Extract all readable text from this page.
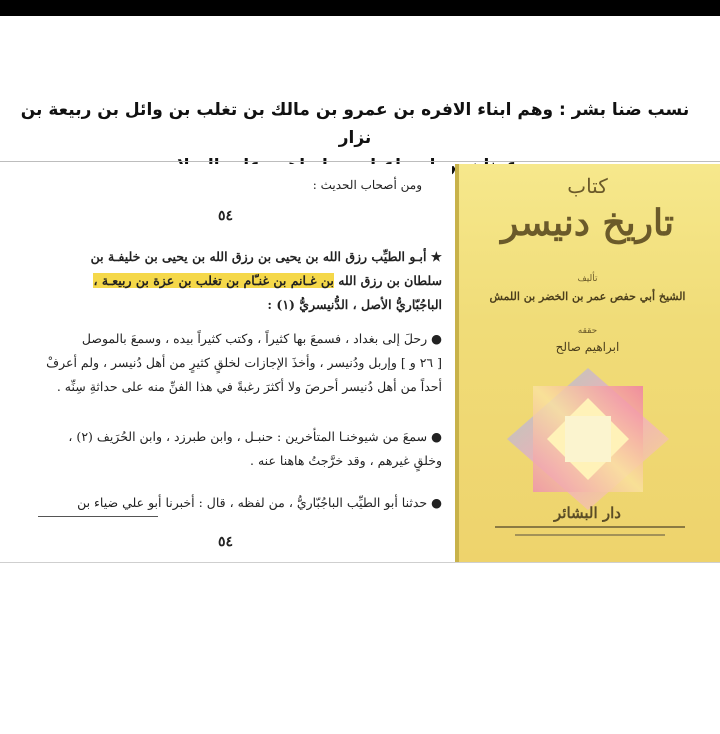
نسب ضنا بشر : وهم ابناء الافره بن عمرو بن مالك بن تغلب بن وائل بن ربيعة بن نزار
بن
ومن أصحاب الحديث :
٥٤
★ أبـو الطيِّب رزق الله بن يحيى بن رزق الله بن يحيى بن خليفـة بن
سلطان بن رزق الله بن غـانم بن غنـّام بن تغلب بن عزة بن ربيعـة ،
الباجُبّاريُّ الأصل ، الدُّنيسريُّ (١) :
● رحلَ إلى بغداد ، فسمعَ بها كثيراً ، وكتب كثيراً بيده ، وسمعَ بالموصل
[ ٢٦ و ] وإربل ودُنيسر ، وأخذَ الإجازات لخلقٍ كثيرٍ من أهل دُنيسر ، ولم أعرفْ
أحداً من أهل دُنيسر أحرصَ ولا أكثرَ رغبةً في هذا الفنِّ منه على حداثةِ سِنِّه .
● سمعَ من شيوخنـا المتأخرين : حنبـل ، وابن طبرزد ، وابن الحُرَيف (٢) ،
وخلقٍ غيرهم ، وقد خرَّجتُ هاهنا عنه .
● حدثنا أبو الطيِّب الباجُبّاريُّ ، من لفظه ، قال : أخبرنا أبو علي ضياء بن
٥٤
كتاب
تاريخ دنيسر
تأليف
الشيخ أبي حفص عمر بن الخضر بن اللمش
حققه
ابراهيم صالح
دار البشائر
